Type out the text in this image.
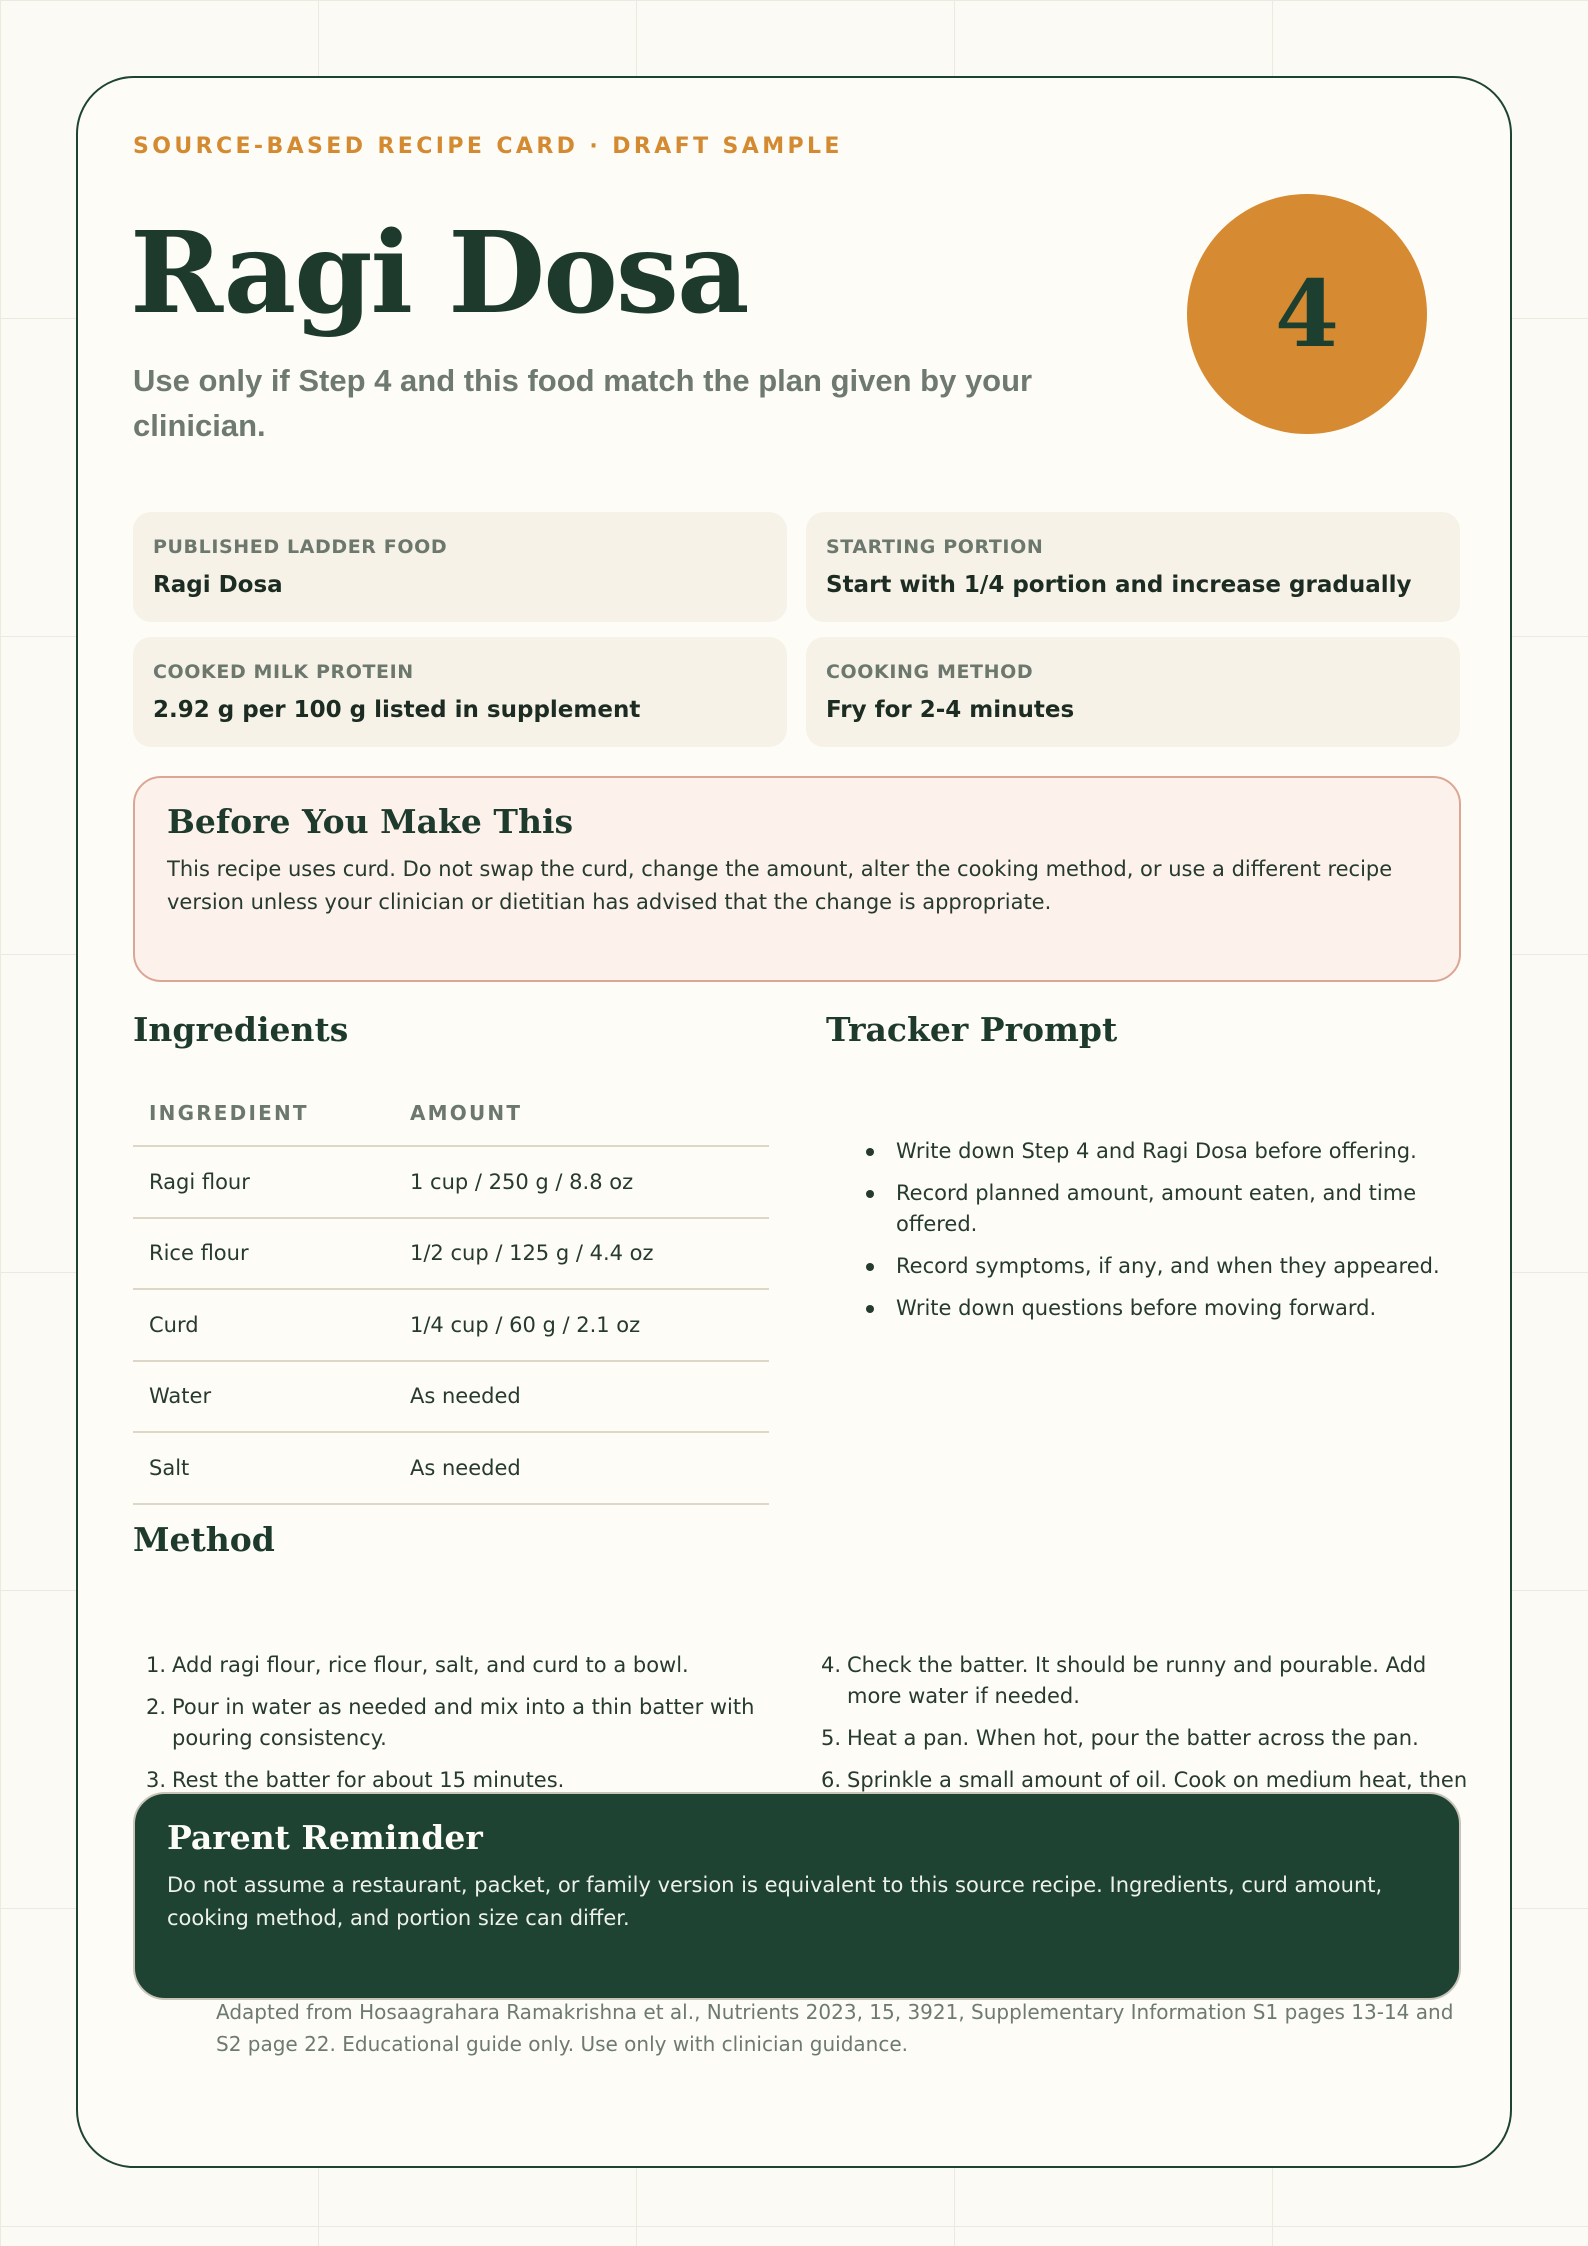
SOURCE-BASED RECIPE CARD · DRAFT SAMPLE
4
Ragi Dosa

Use only if Step 4 and this food match the plan given by your clinician.

PUBLISHED LADDER FOOD
Ragi Dosa
STARTING PORTION
Start with 1/4 portion and increase gradually
COOKED MILK PROTEIN
2.92 g per 100 g listed in supplement
COOKING METHOD
Fry for 2-4 minutes
Before You Make This

This recipe uses curd. Do not swap the curd, change the amount, alter the cooking method, or use a different recipe version unless your clinician or dietitian has advised that the change is appropriate.

Ingredients
INGREDIENT	AMOUNT
Ragi flour	1 cup / 250 g / 8.8 oz
Rice flour	1/2 cup / 125 g / 4.4 oz
Curd	1/4 cup / 60 g / 2.1 oz
Water	As needed
Salt	As needed
Tracker Prompt
Write down Step 4 and Ragi Dosa before offering.
Record planned amount, amount eaten, and time offered.
Record symptoms, if any, and when they appeared.
Write down questions before moving forward.
Method
1. Add ragi flour, rice flour, salt, and curd to a bowl.
2. Pour in water as needed and mix into a thin batter with pouring consistency.
3. Rest the batter for about 15 minutes.
4. Check the batter. It should be runny and pourable. Add more water if needed.
5. Heat a pan. When hot, pour the batter across the pan.
6. Sprinkle a small amount of oil. Cook on medium heat, then
Parent Reminder

Do not assume a restaurant, packet, or family version is equivalent to this source recipe. Ingredients, curd amount, cooking method, and portion size can differ.

Adapted from Hosaagrahara Ramakrishna et al., Nutrients 2023, 15, 3921, Supplementary Information S1 pages 13-14 and S2 page 22. Educational guide only. Use only with clinician guidance.
